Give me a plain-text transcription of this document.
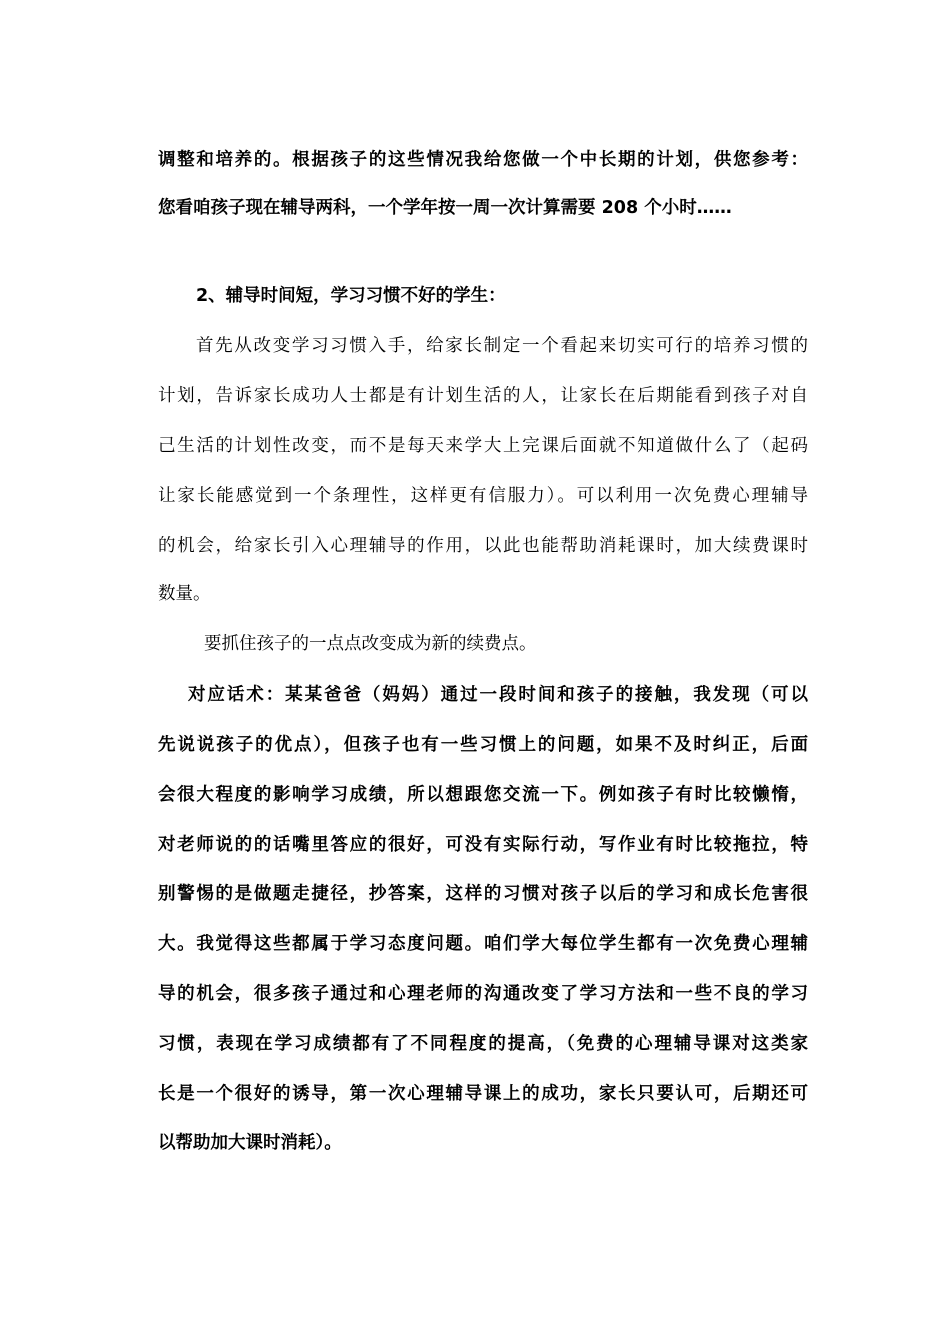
调整和培养的。根据孩子的这些情况我给您做一个中长期的计划，供您参考：
您看咱孩子现在辅导两科，一个学年按一周一次计算需要 208 个小时……
2、辅导时间短，学习习惯不好的学生：
首先从改变学习习惯入手，给家长制定一个看起来切实可行的培养习惯的
计划，告诉家长成功人士都是有计划生活的人，让家长在后期能看到孩子对自
己生活的计划性改变，而不是每天来学大上完课后面就不知道做什么了（起码
让家长能感觉到一个条理性，这样更有信服力）。可以利用一次免费心理辅导
的机会，给家长引入心理辅导的作用，以此也能帮助消耗课时，加大续费课时
数量。
要抓住孩子的一点点改变成为新的续费点。
对应话术：某某爸爸（妈妈）通过一段时间和孩子的接触，我发现（可以
先说说孩子的优点），但孩子也有一些习惯上的问题，如果不及时纠正，后面
会很大程度的影响学习成绩，所以想跟您交流一下。例如孩子有时比较懒惰，
对老师说的的话嘴里答应的很好，可没有实际行动，写作业有时比较拖拉，特
别警惕的是做题走捷径，抄答案，这样的习惯对孩子以后的学习和成长危害很
大。我觉得这些都属于学习态度问题。咱们学大每位学生都有一次免费心理辅
导的机会，很多孩子通过和心理老师的沟通改变了学习方法和一些不良的学习
习惯，表现在学习成绩都有了不同程度的提高，（免费的心理辅导课对这类家
长是一个很好的诱导，第一次心理辅导课上的成功，家长只要认可，后期还可
以帮助加大课时消耗）。
